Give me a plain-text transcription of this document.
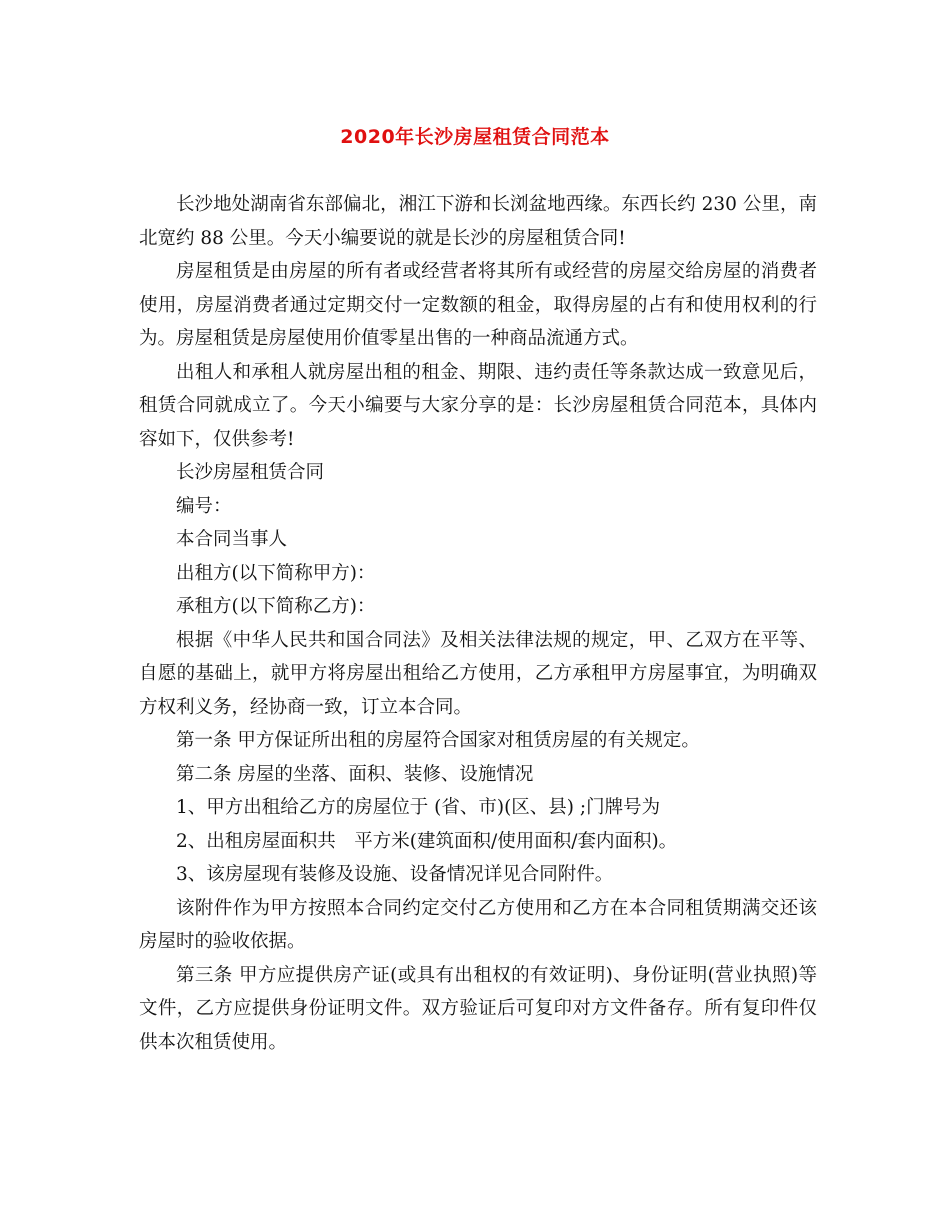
2020年长沙房屋租赁合同范本

长沙地处湖南省东部偏北，湘江下游和长浏盆地西缘。东西长约 230 公里，南北宽约 88 公里。今天小编要说的就是长沙的房屋租赁合同!

房屋租赁是由房屋的所有者或经营者将其所有或经营的房屋交给房屋的消费者使用，房屋消费者通过定期交付一定数额的租金，取得房屋的占有和使用权利的行为。房屋租赁是房屋使用价值零星出售的一种商品流通方式。

出租人和承租人就房屋出租的租金、期限、违约责任等条款达成一致意见后，租赁合同就成立了。今天小编要与大家分享的是：长沙房屋租赁合同范本，具体内容如下，仅供参考!

长沙房屋租赁合同

编号：

本合同当事人

出租方(以下简称甲方)：

承租方(以下简称乙方)：

根据《中华人民共和国合同法》及相关法律法规的规定，甲、乙双方在平等、自愿的基础上，就甲方将房屋出租给乙方使用，乙方承租甲方房屋事宜，为明确双方权利义务，经协商一致，订立本合同。

第一条 甲方保证所出租的房屋符合国家对租赁房屋的有关规定。

第二条 房屋的坐落、面积、装修、设施情况

1、甲方出租给乙方的房屋位于 (省、市)(区、县) ;门牌号为

2、出租房屋面积共　平方米(建筑面积/使用面积/套内面积)。

3、该房屋现有装修及设施、设备情况详见合同附件。

该附件作为甲方按照本合同约定交付乙方使用和乙方在本合同租赁期满交还该房屋时的验收依据。

第三条 甲方应提供房产证(或具有出租权的有效证明)、身份证明(营业执照)等文件，乙方应提供身份证明文件。双方验证后可复印对方文件备存。所有复印件仅供本次租赁使用。
